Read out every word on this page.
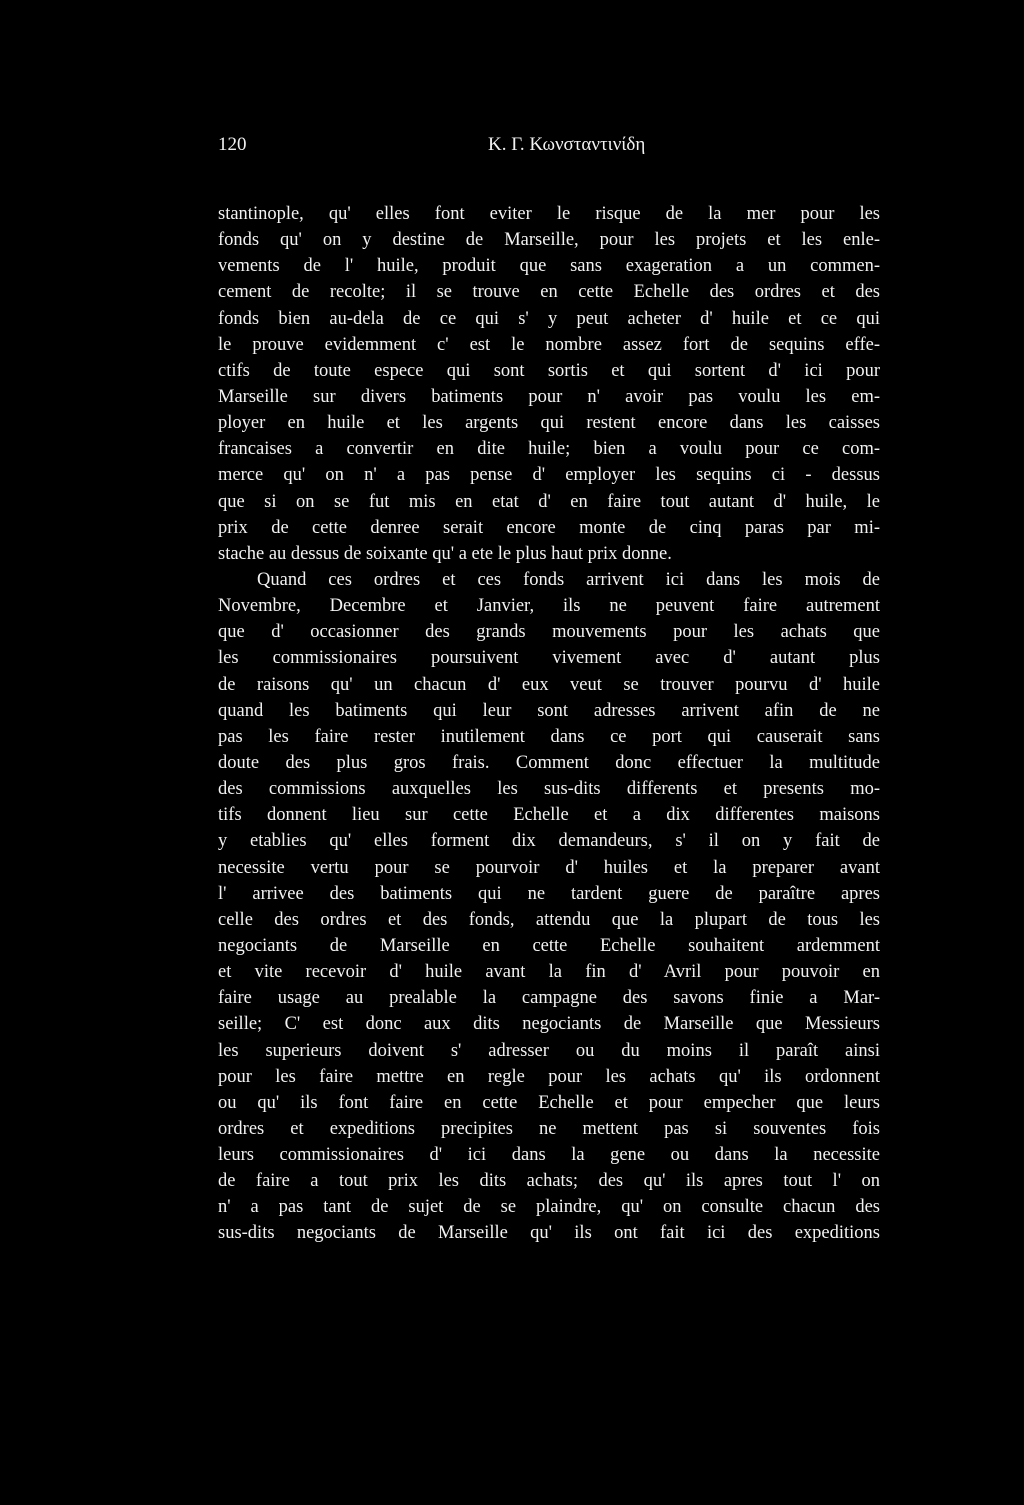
120	Κ. Γ. Κωνσταντινίδη
stantinople, qu' elles font eviter le risque de la mer pour les
fonds qu' on y destine de Marseille, pour les projets et les enle-
vements de l' huile, produit que sans exageration a un commen-
cement de recolte; il se trouve en cette Echelle des ordres et des
fonds bien au-dela de ce qui s' y peut acheter d' huile et ce qui
le prouve evidemment c' est le nombre assez fort de sequins effe-
ctifs de toute espece qui sont sortis et qui sortent d' ici pour
Marseille sur divers batiments pour n' avoir pas voulu les em-
ployer en huile et les argents qui restent encore dans les caisses
francaises a convertir en dite huile; bien a voulu pour ce com-
merce qu' on n' a pas pense d' employer les sequins ci - dessus
que si on se fut mis en etat d' en faire tout autant d' huile, le
prix de cette denree serait encore monte de cinq paras par mi-
stache au dessus de soixante qu' a ete le plus haut prix donne.
Quand ces ordres et ces fonds arrivent ici dans les mois de
Novembre, Decembre et Janvier, ils ne peuvent faire autrement
que d' occasionner des grands mouvements pour les achats que
les commissionaires poursuivent vivement avec d' autant plus
de raisons qu' un chacun d' eux veut se trouver pourvu d' huile
quand les batiments qui leur sont adresses arrivent afin de ne
pas les faire rester inutilement dans ce port qui causerait sans
doute des plus gros frais. Comment donc effectuer la multitude
des commissions auxquelles les sus-dits differents et presents mo-
tifs donnent lieu sur cette Echelle et a dix differentes maisons
y etablies qu' elles forment dix demandeurs, s' il on y fait de
necessite vertu pour se pourvoir d' huiles et la preparer avant
l' arrivee des batiments qui ne tardent guere de paraître apres
celle des ordres et des fonds, attendu que la plupart de tous les
negociants de Marseille en cette Echelle souhaitent ardemment
et vite recevoir d' huile avant la fin d' Avril pour pouvoir en
faire usage au prealable la campagne des savons finie a Mar-
seille; C' est donc aux dits negociants de Marseille que Messieurs
les superieurs doivent s' adresser ou du moins il paraît ainsi
pour les faire mettre en regle pour les achats qu' ils ordonnent
ou qu' ils font faire en cette Echelle et pour empecher que leurs
ordres et expeditions precipites ne mettent pas si souventes fois
leurs commissionaires d' ici dans la gene ou dans la necessite
de faire a tout prix les dits achats; des qu' ils apres tout l' on
n' a pas tant de sujet de se plaindre, qu' on consulte chacun des
sus-dits negociants de Marseille qu' ils ont fait ici des expeditions
